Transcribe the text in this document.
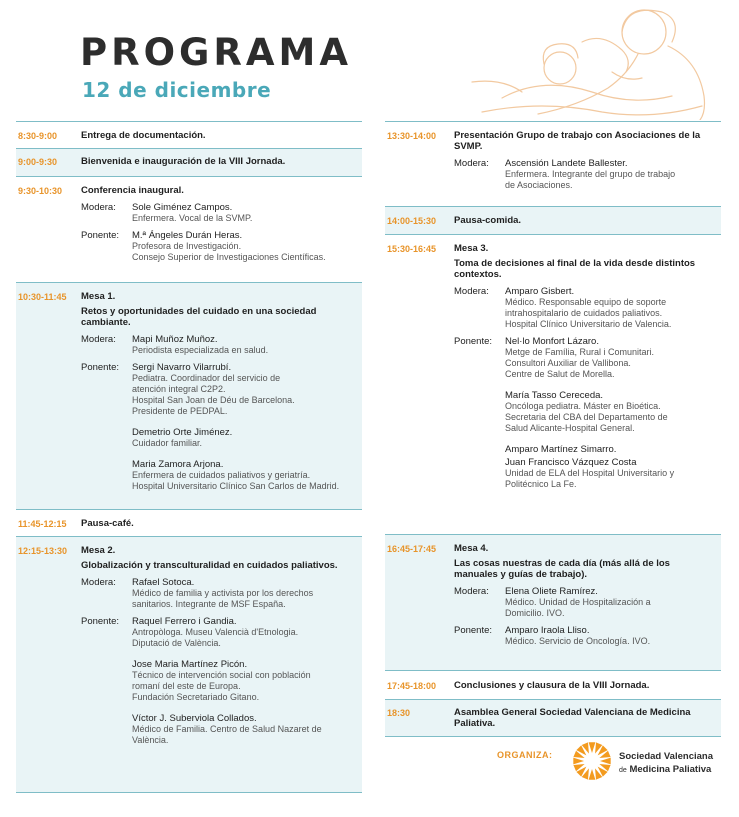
PROGRAMA
12 de diciembre
8:30-9:00	Entrega de documentación.
9:00-9:30	Bienvenida e inauguración de la VIII Jornada.
9:30-10:30 Conferencia inaugural.
Modera: Sole Giménez Campos.
Enfermera. Vocal de la SVMP.
Ponente: M.ª Ángeles Durán Heras.
Profesora de Investigación.
Consejo Superior de Investigaciones Científicas.
10:30-11:45 Mesa 1.
Retos y oportunidades del cuidado en una sociedad cambiante.
Modera: Mapi Muñoz Muñoz.
Periodista especializada en salud.
Ponente: Sergi Navarro Vilarrubí.
Pediatra. Coordinador del servicio de
atención integral C2P2.
Hospital San Joan de Déu de Barcelona.
Presidente de PEDPAL.
Demetrio Orte Jiménez.
Cuidador familiar.
Maria Zamora Arjona.
Enfermera de cuidados paliativos y geriatría.
Hospital Universitario Clínico San Carlos de Madrid.
11:45-12:15 Pausa-café.
12:15-13:30 Mesa 2.
Globalización y transculturalidad en cuidados paliativos.
Modera: Rafael Sotoca.
Médico de familia y activista por los derechos
sanitarios. Integrante de MSF España.
Ponente: Raquel Ferrero i Gandia.
Antropòloga. Museu Valencià d'Etnologia.
Diputació de València.
Jose Maria Martínez Picón.
Técnico de intervención social con población
romaní del este de Europa.
Fundación Secretariado Gitano.
Víctor J. Suberviola Collados.
Médico de Familia. Centro de Salud Nazaret de
València.
13:30-14:00 Presentación Grupo de trabajo con Asociaciones de la SVMP.
Modera: Ascensión Landete Ballester.
Enfermera. Integrante del grupo de trabajo
de Asociaciones.
14:00-15:30 Pausa-comida.
15:30-16:45 Mesa 3.
Toma de decisiones al final de la vida desde distintos contextos.
Modera: Amparo Gisbert.
Médico. Responsable equipo de soporte
intrahospitalario de cuidados paliativos.
Hospital Clínico Universitario de Valencia.
Ponente: Nel·lo Monfort Lázaro.
Metge de Família, Rural i Comunitari.
Consultori Auxiliar de Vallibona.
Centre de Salut de Morella.
María Tasso Cereceda.
Oncóloga pediatra. Máster en Bioética.
Secretaria del CBA del Departamento de
Salud Alicante-Hospital General.
Amparo Martínez Simarro.
Juan Francisco Vázquez Costa
Unidad de ELA del Hospital Universitario y
Politécnico La Fe.
16:45-17:45 Mesa 4.
Las cosas nuestras de cada día (más allá de los manuales y guías de trabajo).
Modera: Elena Oliete Ramírez.
Médico. Unidad de Hospitalización a
Domicilio. IVO.
Ponente: Amparo Iraola Lliso.
Médico. Servicio de Oncología. IVO.
17:45-18:00 Conclusiones y clausura de la VIII Jornada.
18:30	Asamblea General Sociedad Valenciana de Medicina Paliativa.
ORGANIZA:	Sociedad Valenciana
de Medicina Paliativa
